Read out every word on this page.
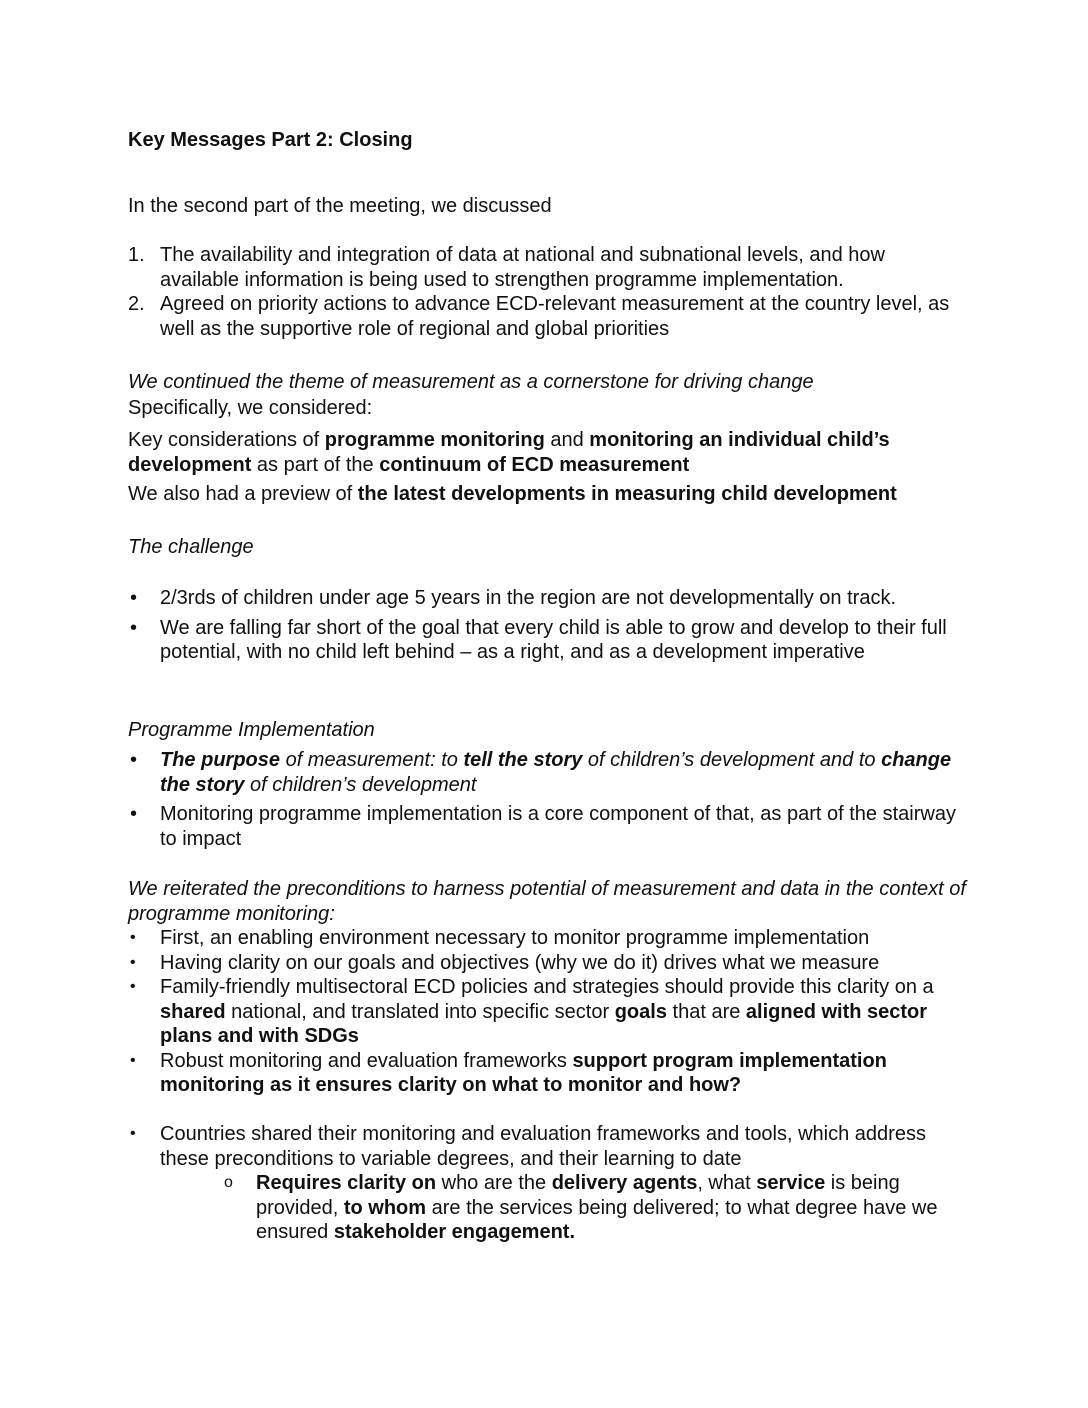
Key Messages Part 2: Closing

In the second part of the meeting, we discussed

1. The availability and integration of data at national and subnational levels, and how available information is being used to strengthen programme implementation.
2. Agreed on priority actions to advance ECD-relevant measurement at the country level, as well as the supportive role of regional and global priorities

We continued the theme of measurement as a cornerstone for driving change

Specifically, we considered:

Key considerations of programme monitoring and monitoring an individual child’s development as part of the continuum of ECD measurement

We also had a preview of the latest developments in measuring child development

The challenge

• 2/3rds of children under age 5 years in the region are not developmentally on track.
• We are falling far short of the goal that every child is able to grow and develop to their full potential, with no child left behind – as a right, and as a development imperative

Programme Implementation

• The purpose of measurement: to tell the story of children’s development and to change the story of children’s development
• Monitoring programme implementation is a core component of that, as part of the stairway to impact

We reiterated the preconditions to harness potential of measurement and data in the context of programme monitoring:

• First, an enabling environment necessary to monitor programme implementation
• Having clarity on our goals and objectives (why we do it) drives what we measure
• Family-friendly multisectoral ECD policies and strategies should provide this clarity on a shared national, and translated into specific sector goals that are aligned with sector plans and with SDGs
• Robust monitoring and evaluation frameworks support program implementation monitoring as it ensures clarity on what to monitor and how?
• Countries shared their monitoring and evaluation frameworks and tools, which address these preconditions to variable degrees, and their learning to date
o Requires clarity on who are the delivery agents, what service is being provided, to whom are the services being delivered; to what degree have we ensured stakeholder engagement.
